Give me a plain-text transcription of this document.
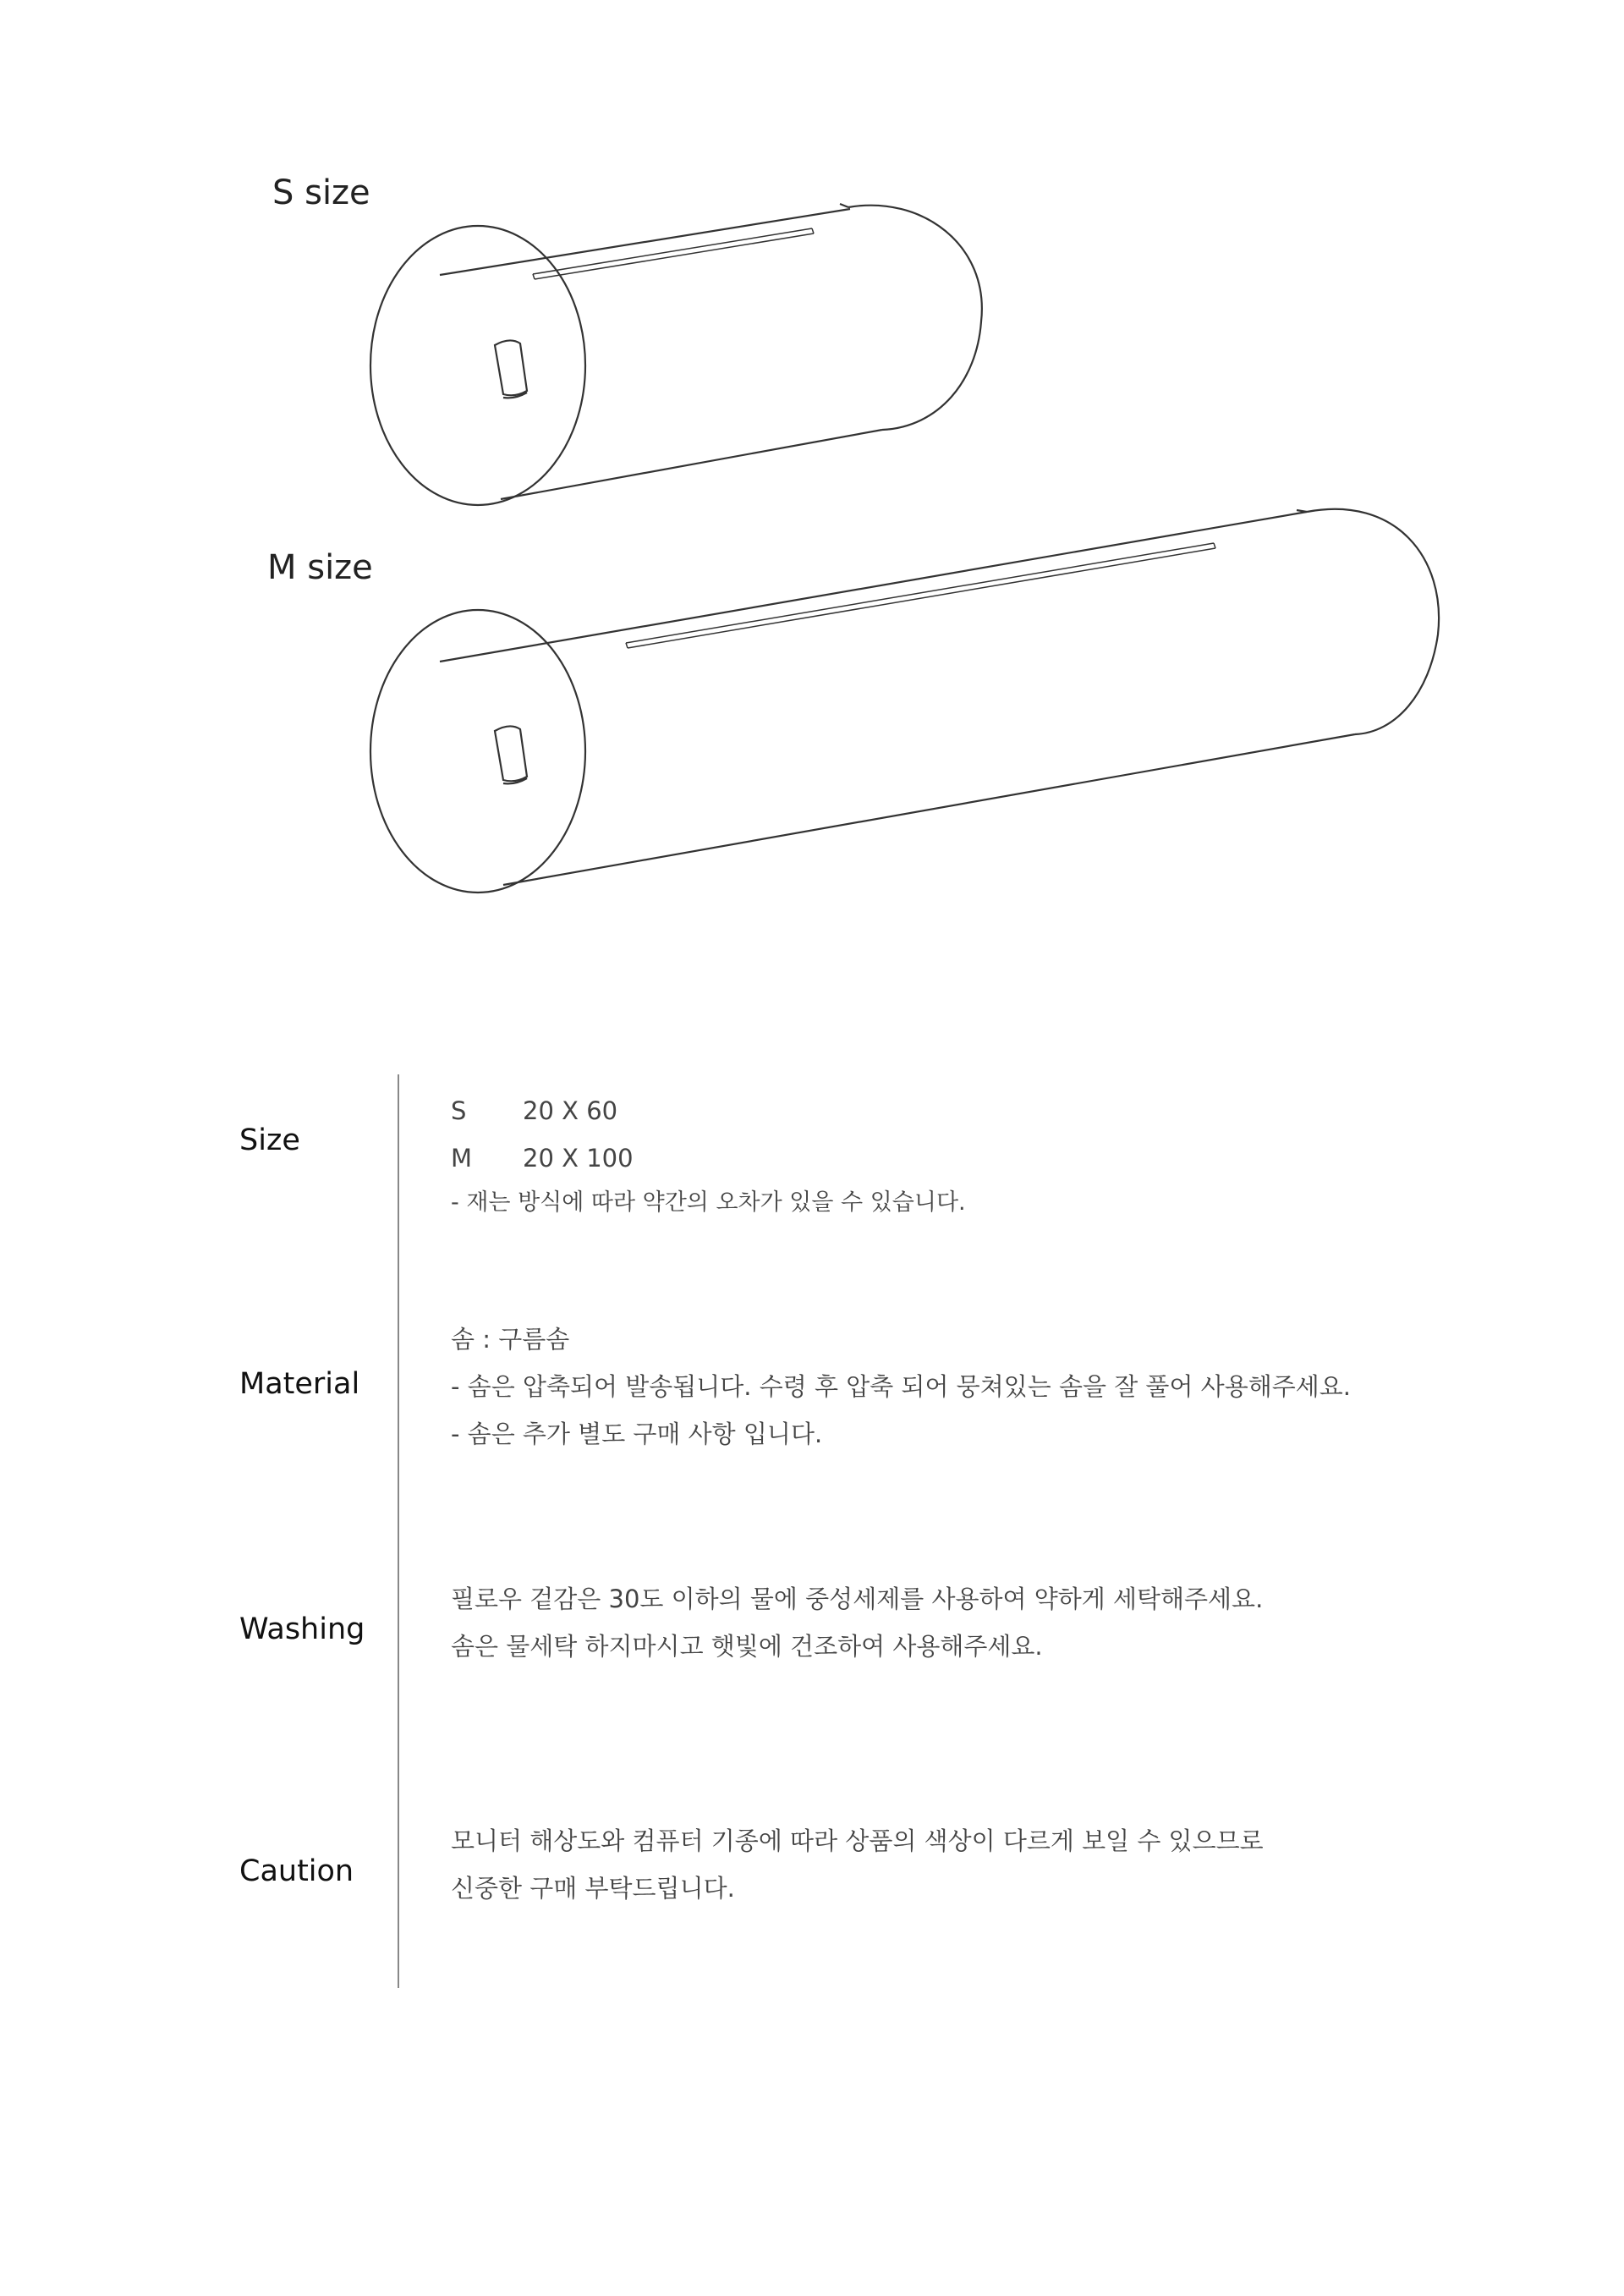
S size
M size
Size
S	20 X 60
M	20 X 100
- 재는 방식에 따라 약간의 오차가 있을 수 있습니다.
Material
솜 : 구름솜
- 솜은 압축되어 발송됩니다. 수령 후 압축 되어 뭉쳐있는 솜을 잘 풀어 사용해주세요.
- 솜은 추가 별도 구매 사항 입니다.
Washing
필로우 겉감은 30도 이하의 물에 중성세제를 사용하여 약하게 세탁해주세요.
솜은 물세탁 하지마시고 햇빛에 건조하여 사용해주세요.
Caution
모니터 해상도와 컴퓨터 기종에 따라 상품의 색상이 다르게 보일 수 있으므로
신중한 구매 부탁드립니다.
